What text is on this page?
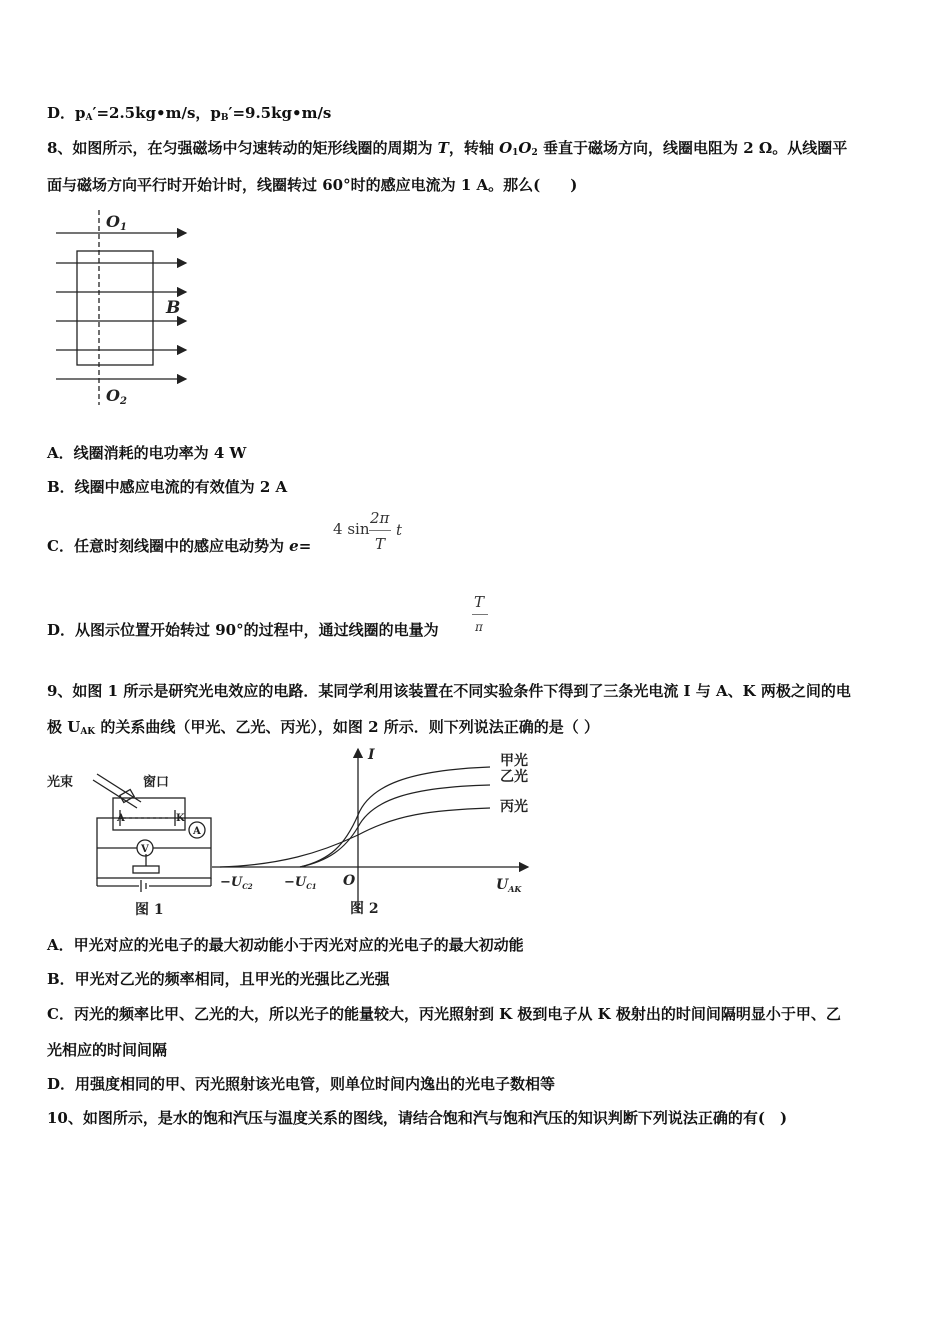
D．$p_A'=2.5kg•m/s$，$p_B'=9.5kg•m/s$
8、如图所示，在匀强磁场中匀速转动的矩形线圈的周期为 T，转轴 $O_1O_2$ 垂直于磁场方向，线圈电阻为 2 Ω。从线圈平
面与磁场方向平行时开始计时，线圈转过 60°时的感应电流为 1 A。那么(　　)
O1
O2
B
A．线圈消耗的电功率为 4 W
B．线圈中感应电流的有效值为 2 A
C．任意时刻线圈中的感应电动势为 e=
4 sin
2π
T
t
D．从图示位置开始转过 90°的过程中，通过线圈的电量为
T
π
9、如图 1 所示是研究光电效应的电路．某同学利用该装置在不同实验条件下得到了三条光电流 I 与 A、K 两极之间的电
极 $U_{AK}$ 的关系曲线（甲光、乙光、丙光），如图 2 所示．则下列说法正确的是（ ）
光束	窗口
A	K
A
V
图 1
I
$U_{AK}$
O
$-U_{C2} -U_{C1}$
甲光
乙光
丙光
图 2
A．甲光对应的光电子的最大初动能小于丙光对应的光电子的最大初动能
B．甲光对乙光的频率相同，且甲光的光强比乙光强
C．丙光的频率比甲、乙光的大，所以光子的能量较大，丙光照射到 K 极到电子从 K 极射出的时间间隔明显小于甲、乙
光相应的时间间隔
D．用强度相同的甲、丙光照射该光电管，则单位时间内逸出的光电子数相等
10、如图所示，是水的饱和汽压与温度关系的图线，请结合饱和汽与饱和汽压的知识判断下列说法正确的有(　)
